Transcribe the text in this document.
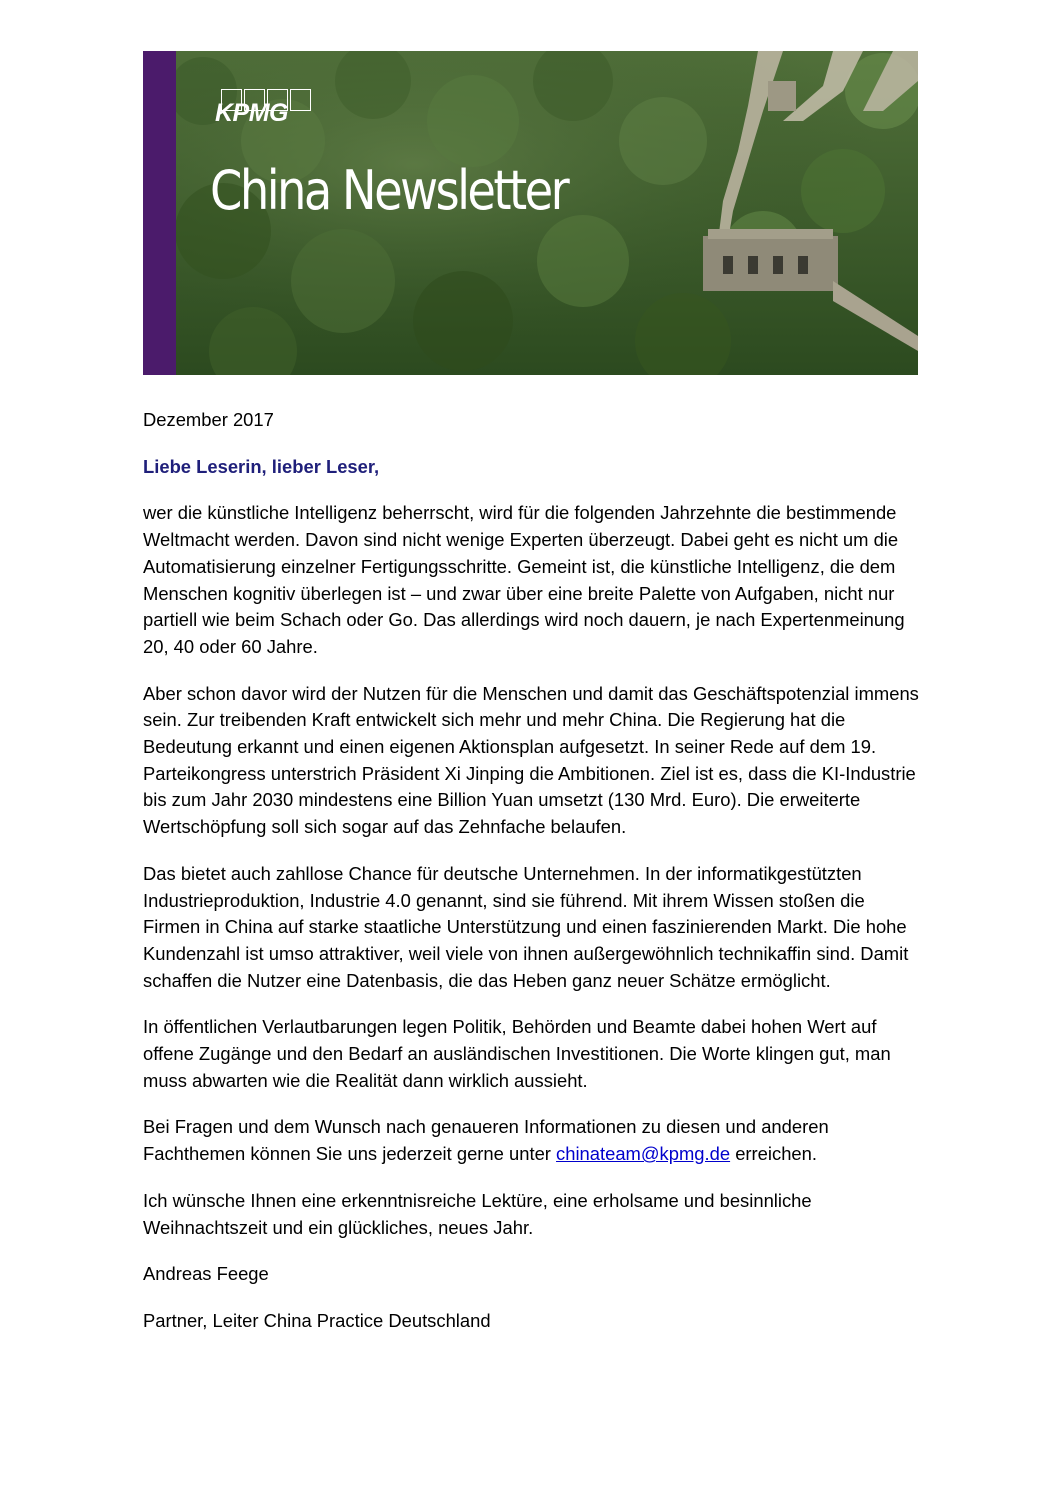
KPMG
China Newsletter

Dezember 2017

Liebe Leserin, lieber Leser,

wer die künstliche Intelligenz beherrscht, wird für die folgenden Jahrzehnte die bestimmende Weltmacht werden. Davon sind nicht wenige Experten überzeugt. Dabei geht es nicht um die Automatisierung einzelner Fertigungsschritte. Gemeint ist, die künstliche Intelligenz, die dem Menschen kognitiv überlegen ist – und zwar über eine breite Palette von Aufgaben, nicht nur partiell wie beim Schach oder Go. Das allerdings wird noch dauern, je nach Expertenmeinung 20, 40 oder 60 Jahre.

Aber schon davor wird der Nutzen für die Menschen und damit das Geschäftspotenzial immens sein. Zur treibenden Kraft entwickelt sich mehr und mehr China. Die Regierung hat die Bedeutung erkannt und einen eigenen Aktionsplan aufgesetzt. In seiner Rede auf dem 19. Parteikongress unterstrich Präsident Xi Jinping die Ambitionen. Ziel ist es, dass die KI-Industrie bis zum Jahr 2030 mindestens eine Billion Yuan umsetzt (130 Mrd. Euro). Die erweiterte Wertschöpfung soll sich sogar auf das Zehnfache belaufen.

Das bietet auch zahllose Chance für deutsche Unternehmen. In der informatikgestützten Industrieproduktion, Industrie 4.0 genannt, sind sie führend. Mit ihrem Wissen stoßen die Firmen in China auf starke staatliche Unterstützung und einen faszinierenden Markt. Die hohe Kundenzahl ist umso attraktiver, weil viele von ihnen außergewöhnlich technikaffin sind. Damit schaffen die Nutzer eine Datenbasis, die das Heben ganz neuer Schätze ermöglicht.

In öffentlichen Verlautbarungen legen Politik, Behörden und Beamte dabei hohen Wert auf offene Zugänge und den Bedarf an ausländischen Investitionen. Die Worte klingen gut, man muss abwarten wie die Realität dann wirklich aussieht.

Bei Fragen und dem Wunsch nach genaueren Informationen zu diesen und anderen Fachthemen können Sie uns jederzeit gerne unter chinateam@kpmg.de erreichen.

Ich wünsche Ihnen eine erkenntnisreiche Lektüre, eine erholsame und besinnliche Weihnachtszeit und ein glückliches, neues Jahr.

Andreas Feege

Partner, Leiter China Practice Deutschland
